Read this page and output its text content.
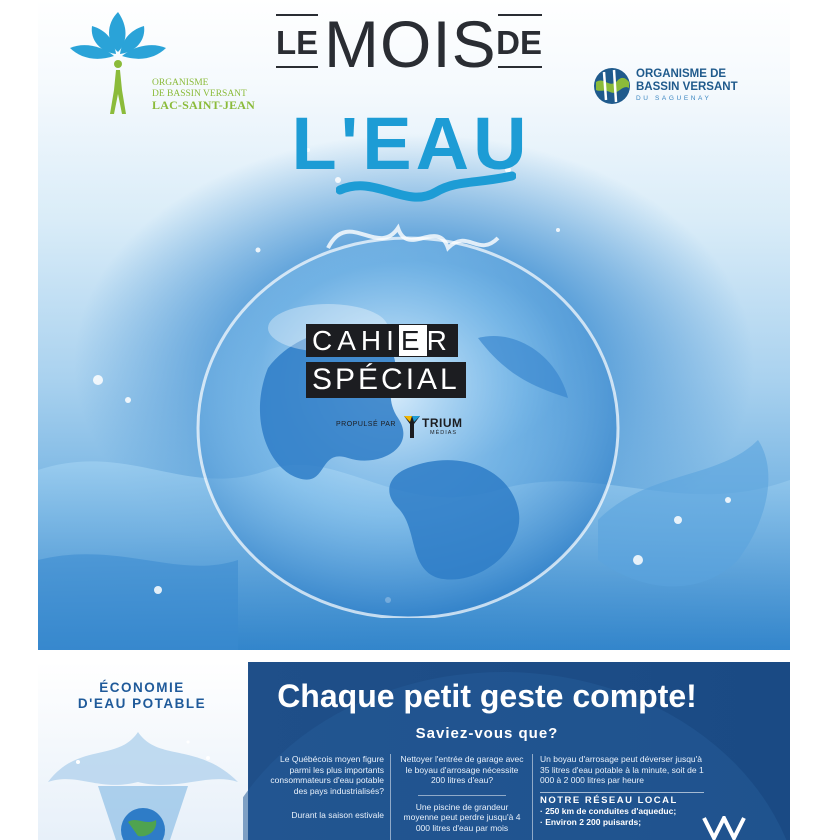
ORGANISME
DE BASSIN VERSANT
LAC-SAINT-JEAN
LE MOIS DE
L'EAU
ORGANISME DE
BASSIN VERSANT
DU SAGUENAY
CAHIER
SPÉCIAL
PROPULSÉ PAR TRIUM
MÉDIAS
ÉCONOMIE
D'EAU POTABLE	Chaque petit geste compte!
Saviez-vous que?

Le Québécois moyen figure parmi les plus importants consommateurs d'eau potable des pays industrialisés?

Durant la saison estivale

Nettoyer l'entrée de garage avec le boyau d'arrosage nécessite 200 litres d'eau?

Une piscine de grandeur moyenne peut perdre jusqu'à 4 000 litres d'eau par mois

Un boyau d'arrosage peut déverser jusqu'à 35 litres d'eau potable à la minute, soit de 1 000 à 2 000 litres par heure

NOTRE RÉSEAU LOCAL
· 250 km de conduites d'aqueduc;
· Environ 2 200 puisards;
